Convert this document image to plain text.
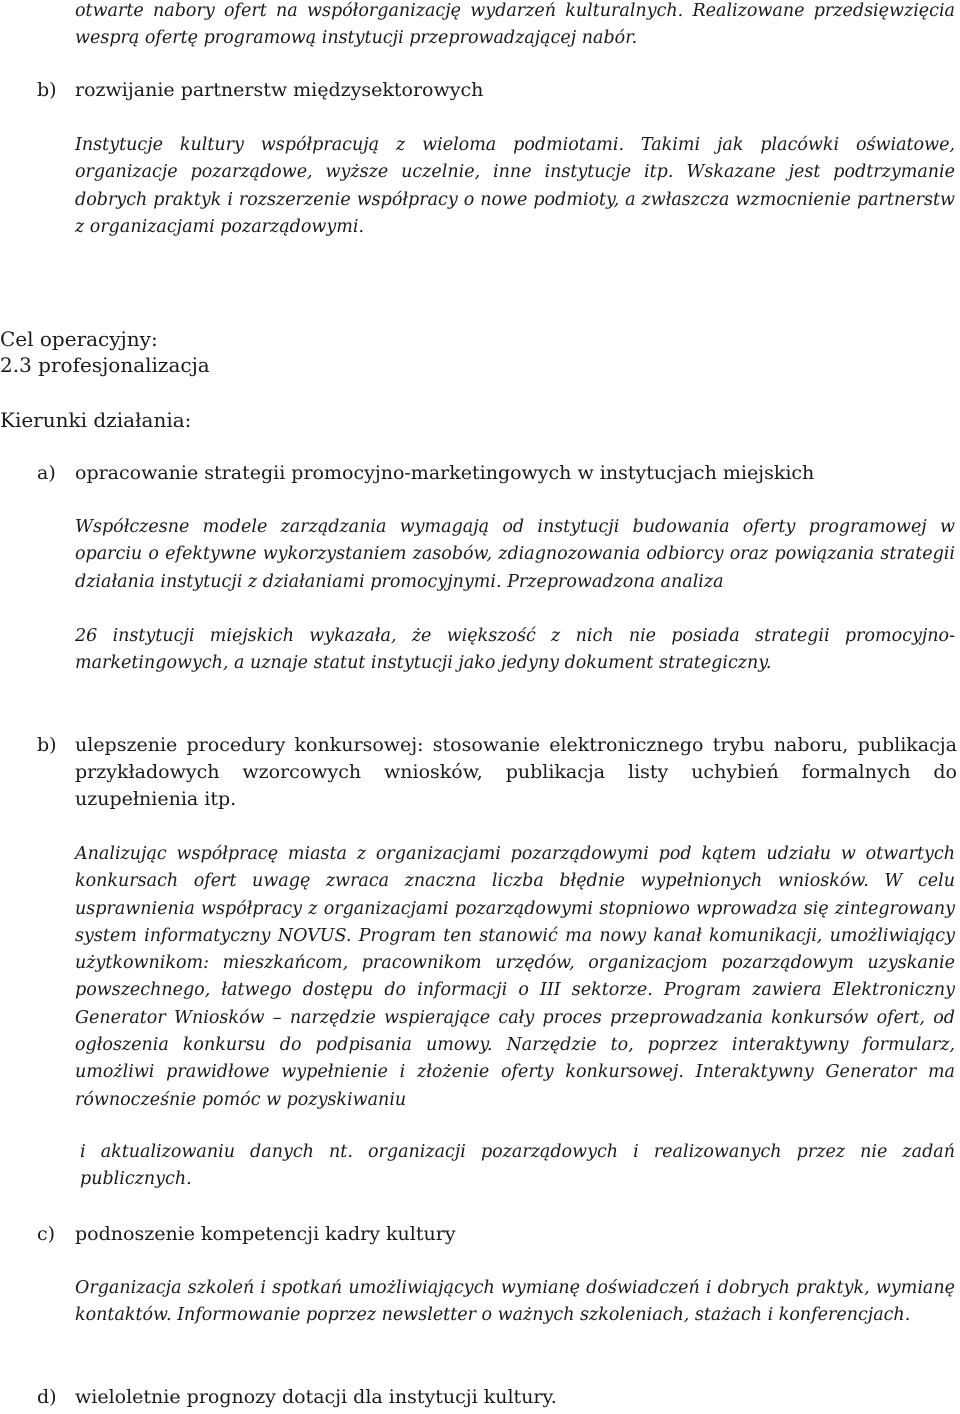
otwarte nabory ofert na współorganizację wydarzeń kulturalnych. Realizowane przedsięwzięcia wesprą ofertę programową instytucji przeprowadzającej nabór.

b) rozwijanie partnerstw międzysektorowych

Instytucje kultury współpracują z wieloma podmiotami. Takimi jak placówki oświatowe, organizacje pozarządowe, wyższe uczelnie, inne instytucje itp. Wskazane jest podtrzymanie dobrych praktyk i rozszerzenie współpracy o nowe podmioty, a zwłaszcza wzmocnienie partnerstw z organizacjami pozarządowymi.

Cel operacyjny:
2.3 profesjonalizacja
Kierunki działania:
a) opracowanie strategii promocyjno-marketingowych w instytucjach miejskich

Współczesne modele zarządzania wymagają od instytucji budowania oferty programowej w oparciu o efektywne wykorzystaniem zasobów, zdiagnozowania odbiorcy oraz powiązania strategii działania instytucji z działaniami promocyjnymi. Przeprowadzona analiza

26 instytucji miejskich wykazała, że większość z nich nie posiada strategii promocyjno-marketingowych, a uznaje statut instytucji jako jedyny dokument strategiczny.

b) ulepszenie procedury konkursowej: stosowanie elektronicznego trybu naboru, publikacja przykładowych wzorcowych wniosków, publikacja listy uchybień formalnych do uzupełnienia itp.

Analizując współpracę miasta z organizacjami pozarządowymi pod kątem udziału w otwartych konkursach ofert uwagę zwraca znaczna liczba błędnie wypełnionych wniosków. W celu usprawnienia współpracy z organizacjami pozarządowymi stopniowo wprowadza się zintegrowany system informatyczny NOVUS. Program ten stanowić ma nowy kanał komunikacji, umożliwiający użytkownikom: mieszkańcom, pracownikom urzędów, organizacjom pozarządowym uzyskanie powszechnego, łatwego dostępu do informacji o III sektorze. Program zawiera Elektroniczny Generator Wniosków – narzędzie wspierające cały proces przeprowadzania konkursów ofert, od ogłoszenia konkursu do podpisania umowy. Narzędzie to, poprzez interaktywny formularz, umożliwi prawidłowe wypełnienie i złożenie oferty konkursowej. Interaktywny Generator ma równocześnie pomóc w pozyskiwaniu

i aktualizowaniu danych nt. organizacji pozarządowych i realizowanych przez nie zadań publicznych.

c) podnoszenie kompetencji kadry kultury

Organizacja szkoleń i spotkań umożliwiających wymianę doświadczeń i dobrych praktyk, wymianę kontaktów. Informowanie poprzez newsletter o ważnych szkoleniach, stażach i konferencjach.

d) wieloletnie prognozy dotacji dla instytucji kultury.
